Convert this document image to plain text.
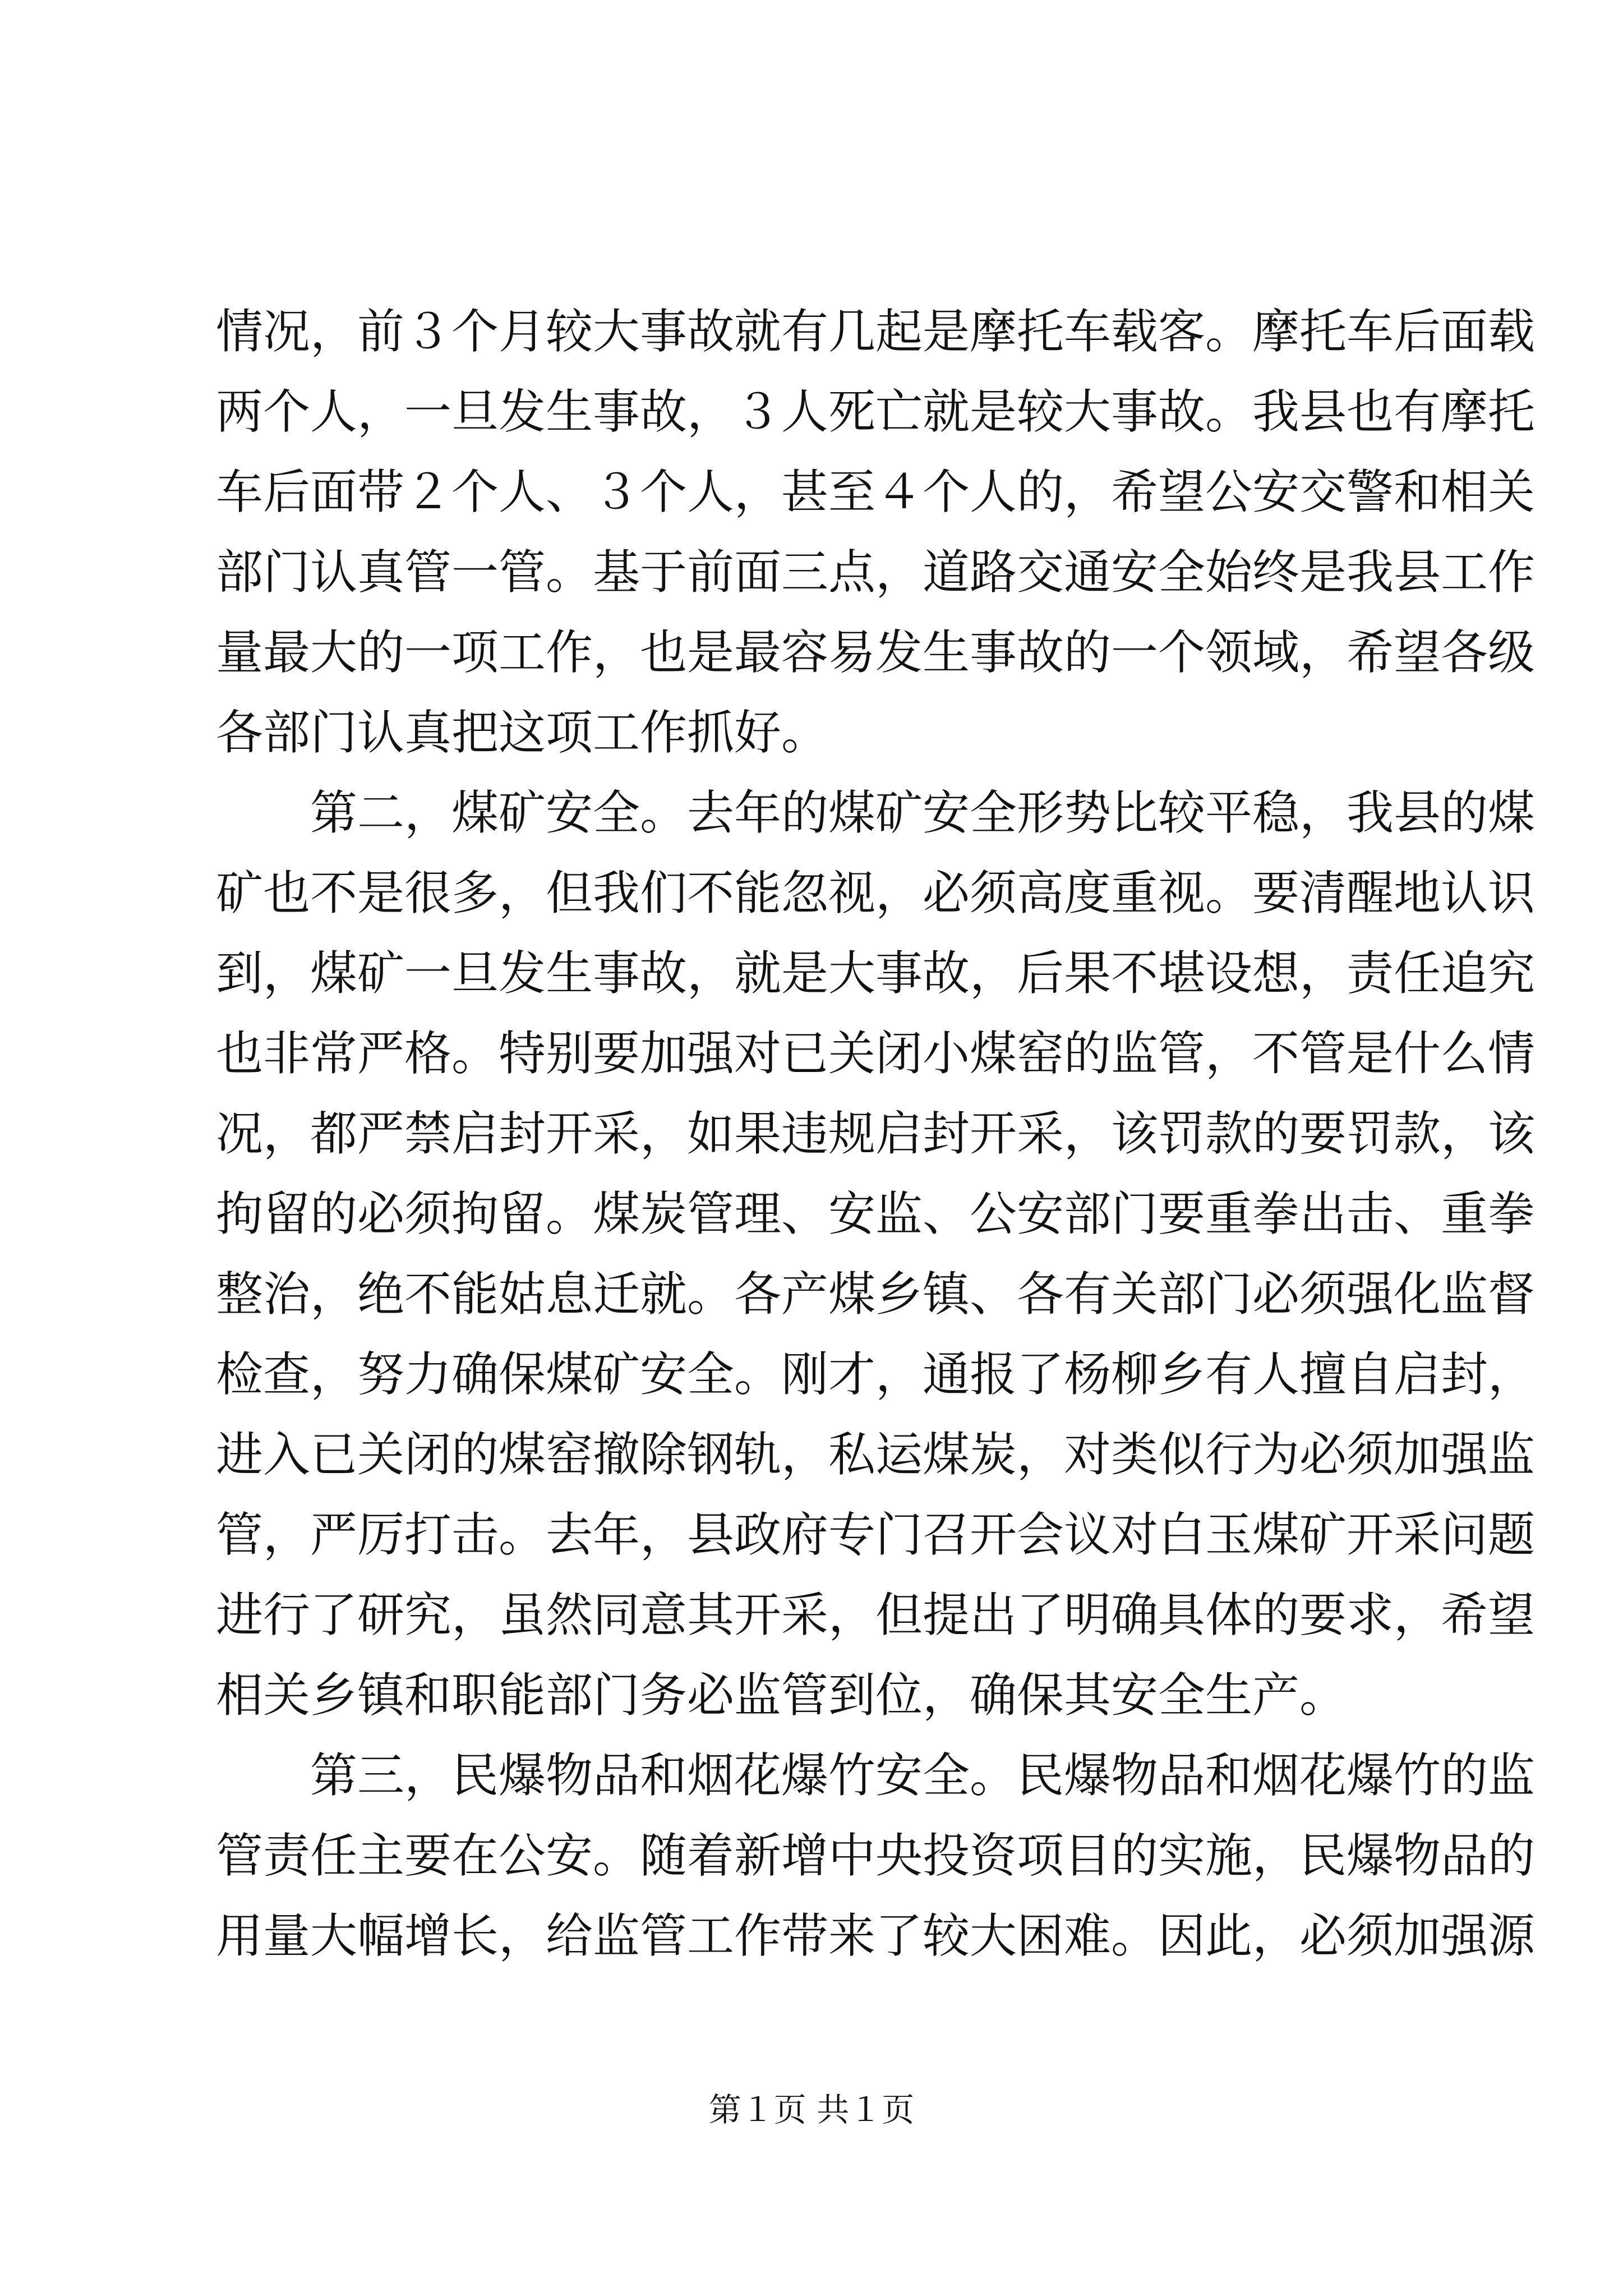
情况，前３个月较大事故就有几起是摩托车载客。摩托车后面载
两个人，一旦发生事故，３人死亡就是较大事故。我县也有摩托
车后面带２个人、３个人，甚至４个人的，希望公安交警和相关
部门认真管一管。基于前面三点，道路交通安全始终是我县工作
量最大的一项工作，也是最容易发生事故的一个领域，希望各级
各部门认真把这项工作抓好。
　　第二，煤矿安全。去年的煤矿安全形势比较平稳，我县的煤
矿也不是很多，但我们不能忽视，必须高度重视。要清醒地认识
到，煤矿一旦发生事故，就是大事故，后果不堪设想，责任追究
也非常严格。特别要加强对已关闭小煤窑的监管，不管是什么情
况，都严禁启封开采，如果违规启封开采，该罚款的要罚款，该
拘留的必须拘留。煤炭管理、安监、公安部门要重拳出击、重拳
整治，绝不能姑息迁就。各产煤乡镇、各有关部门必须强化监督
检查，努力确保煤矿安全。刚才，通报了杨柳乡有人擅自启封，
进入已关闭的煤窑撤除钢轨，私运煤炭，对类似行为必须加强监
管，严厉打击。去年，县政府专门召开会议对白玉煤矿开采问题
进行了研究，虽然同意其开采，但提出了明确具体的要求，希望
相关乡镇和职能部门务必监管到位，确保其安全生产。
　　第三，民爆物品和烟花爆竹安全。民爆物品和烟花爆竹的监
管责任主要在公安。随着新增中央投资项目的实施，民爆物品的
用量大幅增长，给监管工作带来了较大困难。因此，必须加强源
第１页 共１页
